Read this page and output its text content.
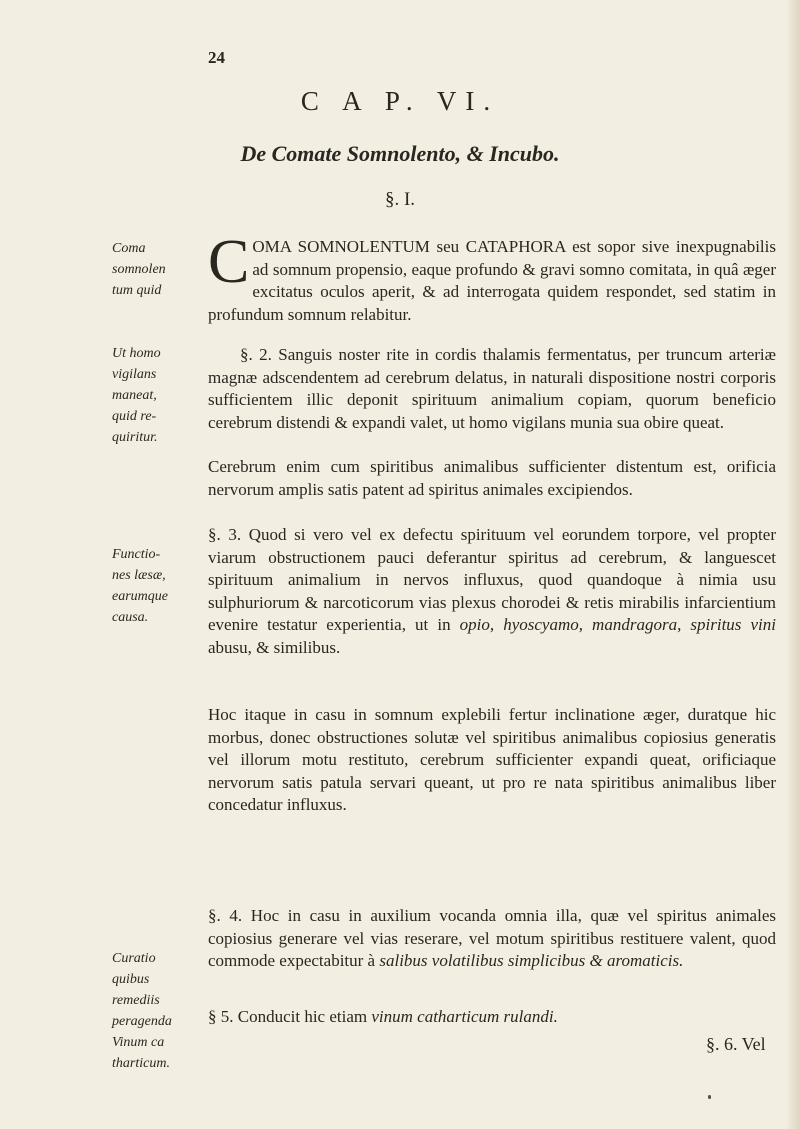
24
C A P. VI.
De Comate Somnolento, & Incubo.
§. I.
Coma
somnolen
tum quid
Ut homo
vigilans
maneat,
quid re-
quiritur.
Functio-
nes læsæ,
earumque
causa.
Curatio
quibus
remediis
peragenda
Vinum ca
tharticum.

COMA SOMNOLENTUM seu CATAPHORA est sopor sive inexpugnabilis ad somnum propensio, eaque profundo & gravi somno comitata, in quâ æger excitatus oculos aperit, & ad interrogata quidem respondet, sed statim in profundum somnum relabitur.

§. 2. Sanguis noster rite in cordis thalamis fermentatus, per truncum arteriæ magnæ adscendentem ad cerebrum delatus, in naturali dispositione nostri corporis sufficientem illic deponit spirituum animalium copiam, quorum beneficio cerebrum distendi & expandi valet, ut homo vigilans munia sua obire queat.

Cerebrum enim cum spiritibus animalibus sufficienter distentum est, orificia nervorum amplis satis patent ad spiritus animales excipiendos.

§. 3. Quod si vero vel ex defectu spirituum vel eorundem torpore, vel propter viarum obstructionem pauci deferantur spiritus ad cerebrum, & languescet spirituum animalium in nervos influxus, quod quandoque à nimia usu sulphuriorum & narcoticorum vias plexus chorodei & retis mirabilis infarcientium evenire testatur experientia, ut in opio, hyoscyamo, mandragora, spiritus vini abusu, & similibus.

Hoc itaque in casu in somnum explebili fertur inclinatione æger, duratque hic morbus, donec obstructiones solutæ vel spiritibus animalibus copiosius generatis vel illorum motu restituto, cerebrum sufficienter expandi queat, orificiaque nervorum satis patula servari queant, ut pro re nata spiritibus animalibus liber concedatur influxus.

§. 4. Hoc in casu in auxilium vocanda omnia illa, quæ vel spiritus animales copiosius generare vel vias reserare, vel motum spiritibus restituere valent, quod commode expectabitur à salibus volatilibus simplicibus & aromaticis.

§ 5. Conducit hic etiam vinum catharticum rulandi.

§. 6. Vel
